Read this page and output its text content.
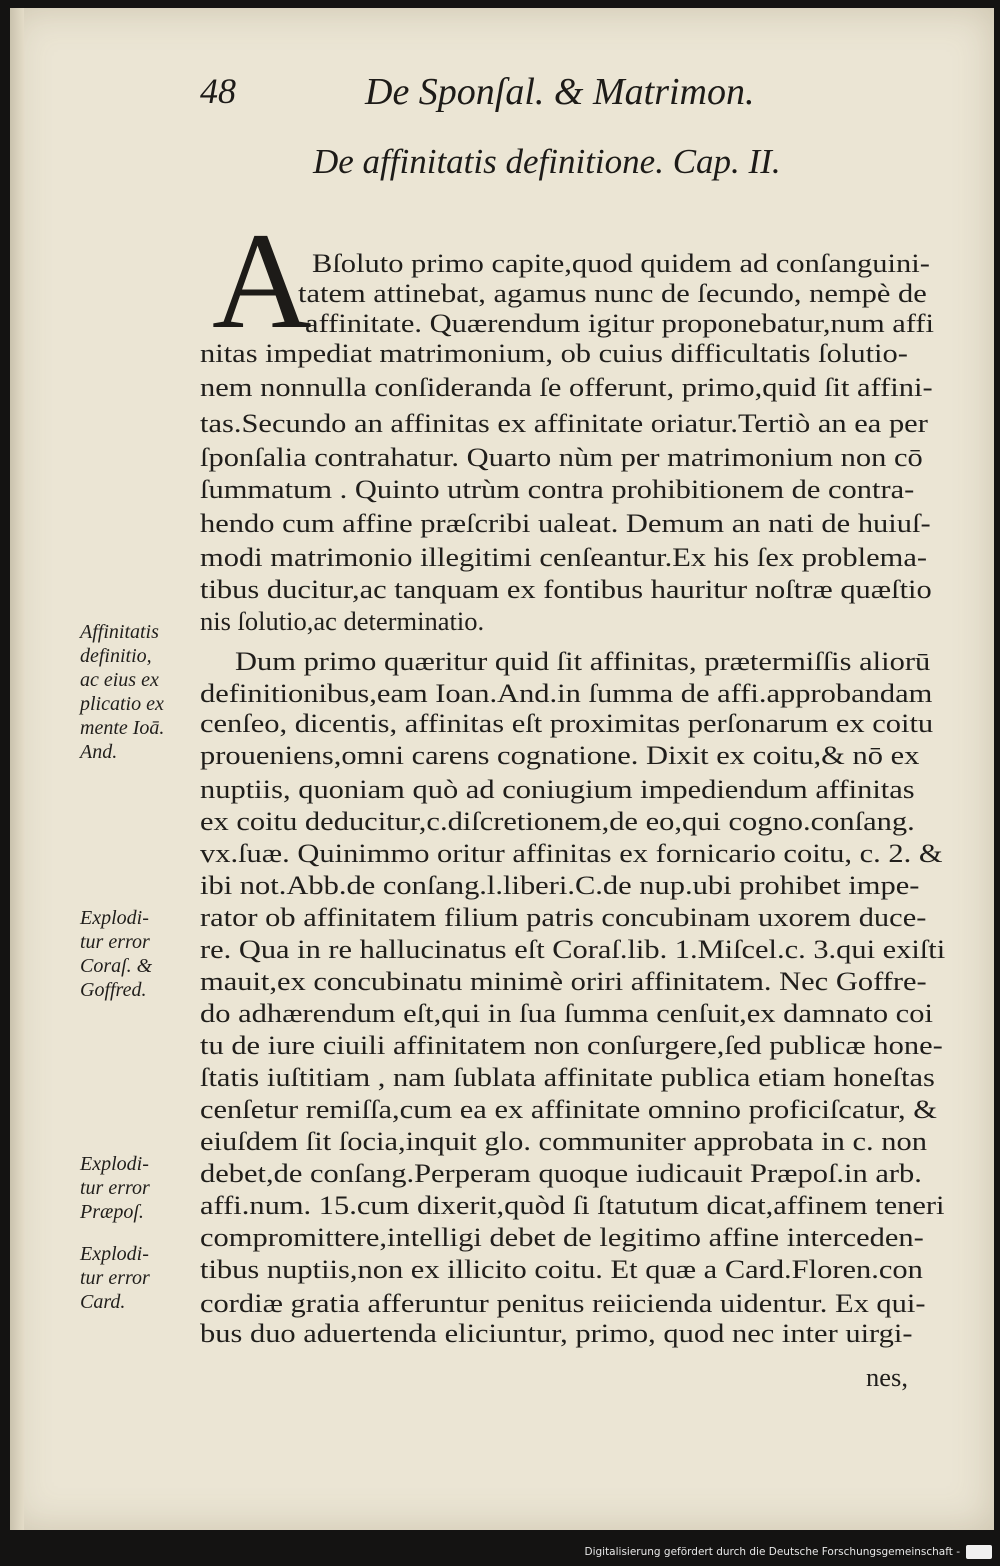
48	De Sponſal. & Matrimon.
De affinitatis definitione. Cap. II.
A Bſoluto primo capite,quod quidem ad conſanguini-
tatem attinebat, agamus nunc de ſecundo, nempè de
affinitate. Quærendum igitur proponebatur,num affi
nitas impediat matrimonium, ob cuius difficultatis ſolutio-
nem nonnulla conſideranda ſe offerunt, primo,quid ſit affini-
tas.Secundo an affinitas ex affinitate oriatur.Tertiò an ea per
ſponſalia contrahatur. Quarto nùm per matrimonium non cō
ſummatum . Quinto utrùm contra prohibitionem de contra-
hendo cum affine præſcribi ualeat. Demum an nati de huiuſ-
modi matrimonio illegitimi cenſeantur.Ex his ſex problema-
tibus ducitur,ac tanquam ex fontibus hauritur noſtræ quæſtio
nis ſolutio,ac determinatio.
Dum primo quæritur quid ſit affinitas, prætermiſſis aliorū
definitionibus,eam Ioan.And.in ſumma de affi.approbandam
cenſeo, dicentis, affinitas eſt proximitas perſonarum ex coitu
proueniens,omni carens cognatione. Dixit ex coitu,& nō ex
nuptiis, quoniam quò ad coniugium impediendum affinitas
ex coitu deducitur,c.diſcretionem,de eo,qui cogno.conſang.
vx.ſuæ. Quinimmo oritur affinitas ex fornicario coitu, c. 2. &
ibi not.Abb.de conſang.l.liberi.C.de nup.ubi prohibet impe-
rator ob affinitatem filium patris concubinam uxorem duce-
re. Qua in re hallucinatus eſt Coraſ.lib. 1.Miſcel.c. 3.qui exiſti
mauit,ex concubinatu minimè oriri affinitatem. Nec Goffre-
do adhærendum eſt,qui in ſua ſumma cenſuit,ex damnato coi
tu de iure ciuili affinitatem non conſurgere,ſed publicæ hone-
ſtatis iuſtitiam , nam ſublata affinitate publica etiam honeſtas
cenſetur remiſſa,cum ea ex affinitate omnino proficiſcatur, &
eiuſdem ſit ſocia,inquit glo. communiter approbata in c. non
debet,de conſang.Perperam quoque iudicauit Præpoſ.in arb.
affi.num. 15.cum dixerit,quòd ſi ſtatutum dicat,affinem teneri
compromittere,intelligi debet de legitimo affine interceden-
tibus nuptiis,non ex illicito coitu. Et quæ a Card.Floren.con
cordiæ gratia afferuntur penitus reiicienda uidentur. Ex qui-
bus duo aduertenda eliciuntur, primo, quod nec inter uirgi-
nes,
Affinitatis
definitio,
ac eius ex
plicatio ex
mente Ioā.
And.
Explodi-
tur error
Coraſ. &
Goffred.
Explodi-
tur error
Præpoſ.
Explodi-
tur error
Card.
Digitalisierung gefördert durch die Deutsche Forschungsgemeinschaft -
